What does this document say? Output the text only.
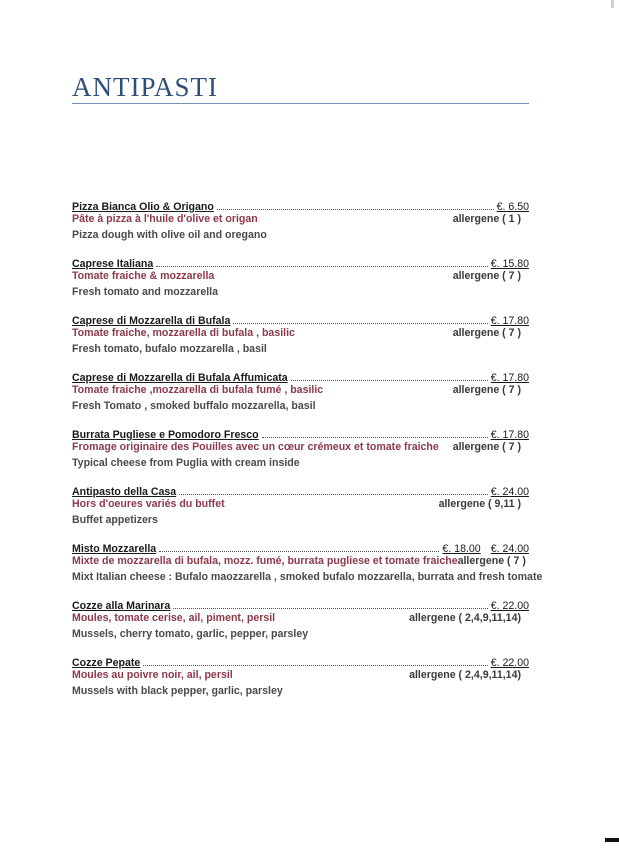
ANTIPASTI
Pizza Bianca Olio & Origano	€. 6.50
Pâte à pizza à l'huile d'olive et origan	allergene ( 1 )
Pizza dough with olive oil and oregano
Caprese Italiana	€. 15.80
Tomate fraiche & mozzarella	allergene ( 7 )
Fresh tomato and mozzarella
Caprese di Mozzarella di Bufala	€. 17.80
Tomate fraiche, mozzarella di bufala , basilic	allergene ( 7 )
Fresh tomato, bufalo mozzarella , basil
Caprese di Mozzarella di Bufala Affumicata	€. 17.80
Tomate fraiche ,mozzarella di bufala fumé , basilic	allergene ( 7 )
Fresh Tomato , smoked buffalo mozzarella, basil
Burrata Pugliese e Pomodoro Fresco	€. 17.80
Fromage originaire des Pouilles avec un cœur crémeux et tomate fraiche allergene ( 7 )
Typical cheese from Puglia with cream inside
Antipasto della Casa	€. 24.00
Hors d'oeures variés du buffet	allergene ( 9,11 )
Buffet appetizers
Misto Mozzarella	€. 18.00 €. 24.00
Mixte de mozzarella di bufala, mozz. fumé, burrata pugliese et tomate fraiche allergene ( 7 )
Mixt Italian cheese : Bufalo maozzarella , smoked bufalo mozzarella, burrata and fresh tomate
Cozze alla Marinara	€. 22.00
Moules, tomate cerise, ail, piment, persil	allergene ( 2,4,9,11,14)
Mussels, cherry tomato, garlic, pepper, parsley
Cozze Pepate	€. 22.00
Moules au poivre noir, ail, persil	allergene ( 2,4,9,11,14)
Mussels with black pepper, garlic, parsley
